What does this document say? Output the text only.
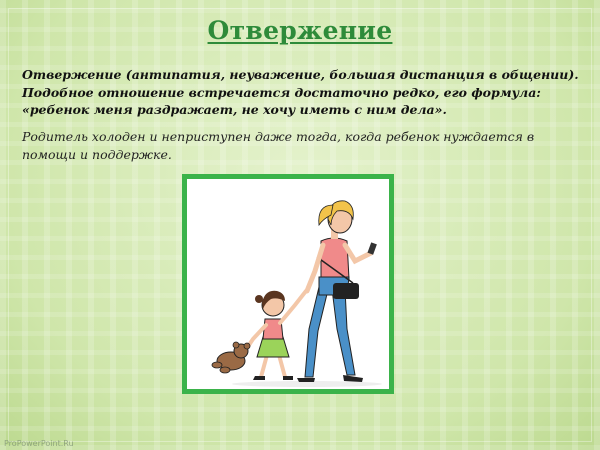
Отвержение
Отвержение (антипатия, неуважение, большая дистанция в общении). Подобное отношение встречается достаточно редко, его формула: «ребенок меня раздражает, не хочу иметь с ним дела».
Родитель холоден и неприступен даже тогда, когда ребенок нуждается в помощи и поддержке.
ProPowerPoint.Ru
